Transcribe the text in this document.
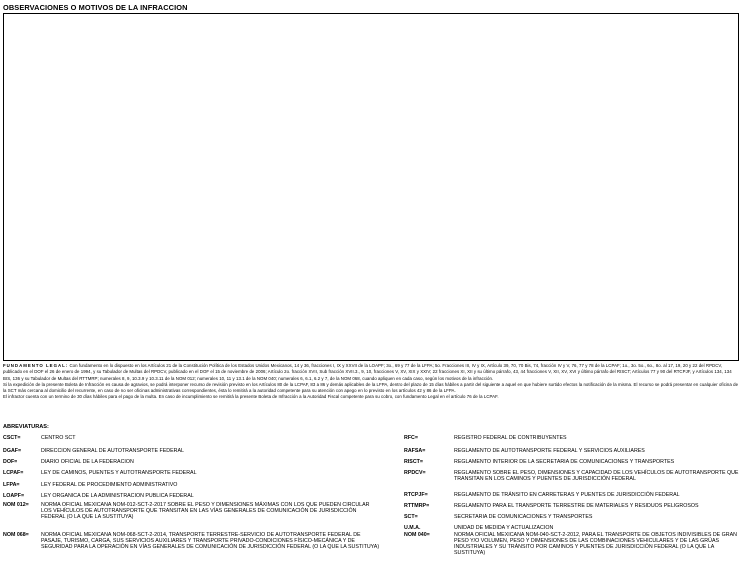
OBSERVACIONES O MOTIVOS DE LA INFRACCION

FUNDAMENTO LEGAL: Con fundamento en lo dispuesto en los Artículos 21 de la Constitución Política de los Estados Unidos Mexicanos, 14 y 36, fracciones I, IX y XXVII de la LOAPF; 3o., 69 y 77 de la LFPA; 5o. Fracciones III, IV y IX, Artículo 39, 70, 70 Bis, 74, fracción IV y V, 76, 77 y 78 de la LCPAF; 1o., 3o. 5o., 6o., 8o. al 17, 19, 20 y 22 del RPDCV, publicado en el DOF el 26 de enero de 1994, y su Tabulador de Multas del RPDCV, publicado en el DOF el 15 de noviembre de 2006; Artículo 2o. fracción XVII, Sub fracción XVII.3., 9, 10, fracciones V, XV, XIX y XXIV; 22 fracciones XI, XII y su último párrafo, 43, 44 fracciones V, XII, XV, XVI y último párrafo del RISCT; Artículos 77 y 90 del RTCPJF, y Artículos 134, 134 BIS, 136 y su Tabulador de Multas del RTTMRP; numerales 8, 9, 10.3.9 y 10.3.11 de la NOM 012; numerales 10, 11 y 13.1 de la NOM 040; numerales 6, 6.1, 6.2 y 7, de la NOM 068, cuando apliquen en cada caso, según los motivos de la infracción.

Si la expedición de la presente Boleta de Infracción es causa de agravios, se podrá interponer recurso de revisión previsto en los Artículos 80 de la LCPAF, 83 a 86 y demás aplicables de la LFPA, dentro del plazo de 15 días hábiles a partir del siguiente a aquel en que hubiere surtido efectos la notificación de la misma. El recurso se podrá presentar en cualquier oficina de la SCT más cercana al domicilio del recurrente, en caso de no ser oficinas administrativas correspondientes, ésta lo remitirá a la autoridad competente para su atención con apego en lo previsto en los artículos 42 y 86 de la LFPA.

El infractor cuenta con un termino de 30 días hábiles para el pago de la multa. En caso de incumplimiento se remitirá la presente Boleta de Infracción a la Autoridad Fiscal competente para su cobro, con fundamento Legal en el artículo 76 de la LCPAF.

ABREVIATURAS:
CSCT=	CENTRO SCT
DGAF=	DIRECCION GENERAL DE AUTOTRANSPORTE FEDERAL
DOF=	DIARIO OFICIAL DE LA FEDERACION
LCPAF=	LEY DE CAMINOS, PUENTES Y AUTOTRANSPORTE FEDERAL
LFPA=	LEY FEDERAL DE PROCEDIMIENTO ADMINISTRATIVO
LOAPF=	LEY ORGANICA DE LA ADMINISTRACION PUBLICA FEDERAL
NOM 012=	NORMA OFICIAL MEXICANA NOM-012-SCT-2-2017 SOBRE EL PESO Y DIMENSIONES MÁXIMAS CON LOS QUE PUEDEN CIRCULAR LOS VEHÍCULOS DE AUTOTRANSPORTE QUE TRANSITAN EN LAS VÍAS GENERALES DE COMUNICACIÓN DE JURISDICCIÓN FEDERAL (O LA QUE LA SUSTITUYA)
NOM 068=	NORMA OFICIAL MEXICANA NOM-068-SCT-2-2014, TRANSPORTE TERRESTRE-SERVICIO DE AUTOTRANSPORTE FEDERAL DE PASAJE, TURISMO, CARGA, SUS SERVICIOS AUXILIARES Y TRANSPORTE PRIVADO-CONDICIONES FÍSICO-MECÁNICA Y DE SEGURIDAD PARA LA OPERACIÓN EN VÍAS GENERALES DE COMUNICACIÓN DE JURISDICCIÓN FEDERAL (O LA QUE LA SUSTITUYA)
RFC=	REGISTRO FEDERAL DE CONTRIBUYENTES
RAFSA=	REGLAMENTO DE AUTOTRANSPORTE FEDERAL Y SERVICIOS AUXILIARES
RISCT=	REGLAMENTO INTERIOR DE LA SECRETARIA DE COMUNICACIONES Y TRANSPORTES
RPDCV=	REGLAMENTO SOBRE EL PESO, DIMENSIONES Y CAPACIDAD DE LOS VEHÍCULOS DE AUTOTRANSPORTE QUE TRANSITAN EN LOS CAMINOS Y PUENTES DE JURISDICCIÓN FEDERAL
RTCPJF=	REGLAMENTO DE TRÁNSITO EN CARRETERAS Y PUENTES DE JURISDICCIÓN FEDERAL
RTTMRP=	REGLAMENTO PARA EL TRANSPORTE TERRESTRE DE MATERIALES Y RESIDUOS PELIGROSOS
SCT=	SECRETARIA DE COMUNICACIONES Y TRANSPORTES
U.M.A.	UNIDAD DE MEDIDA Y ACTUALIZACION
NOM 040=	NORMA OFICIAL MEXICANA NOM-040-SCT-2-2012, PARA EL TRANSPORTE DE OBJETOS INDIVISIBLES DE GRAN PESO Y/O VOLUMEN, PESO Y DIMENSIONES DE LAS COMBINACIONES VEHICULARES Y DE LAS GRÚAS INDUSTRIALES Y SU TRÁNSITO POR CAMINOS Y PUENTES DE JURISDICCIÓN FEDERAL (O LA QUE LA SUSTITUYA)
